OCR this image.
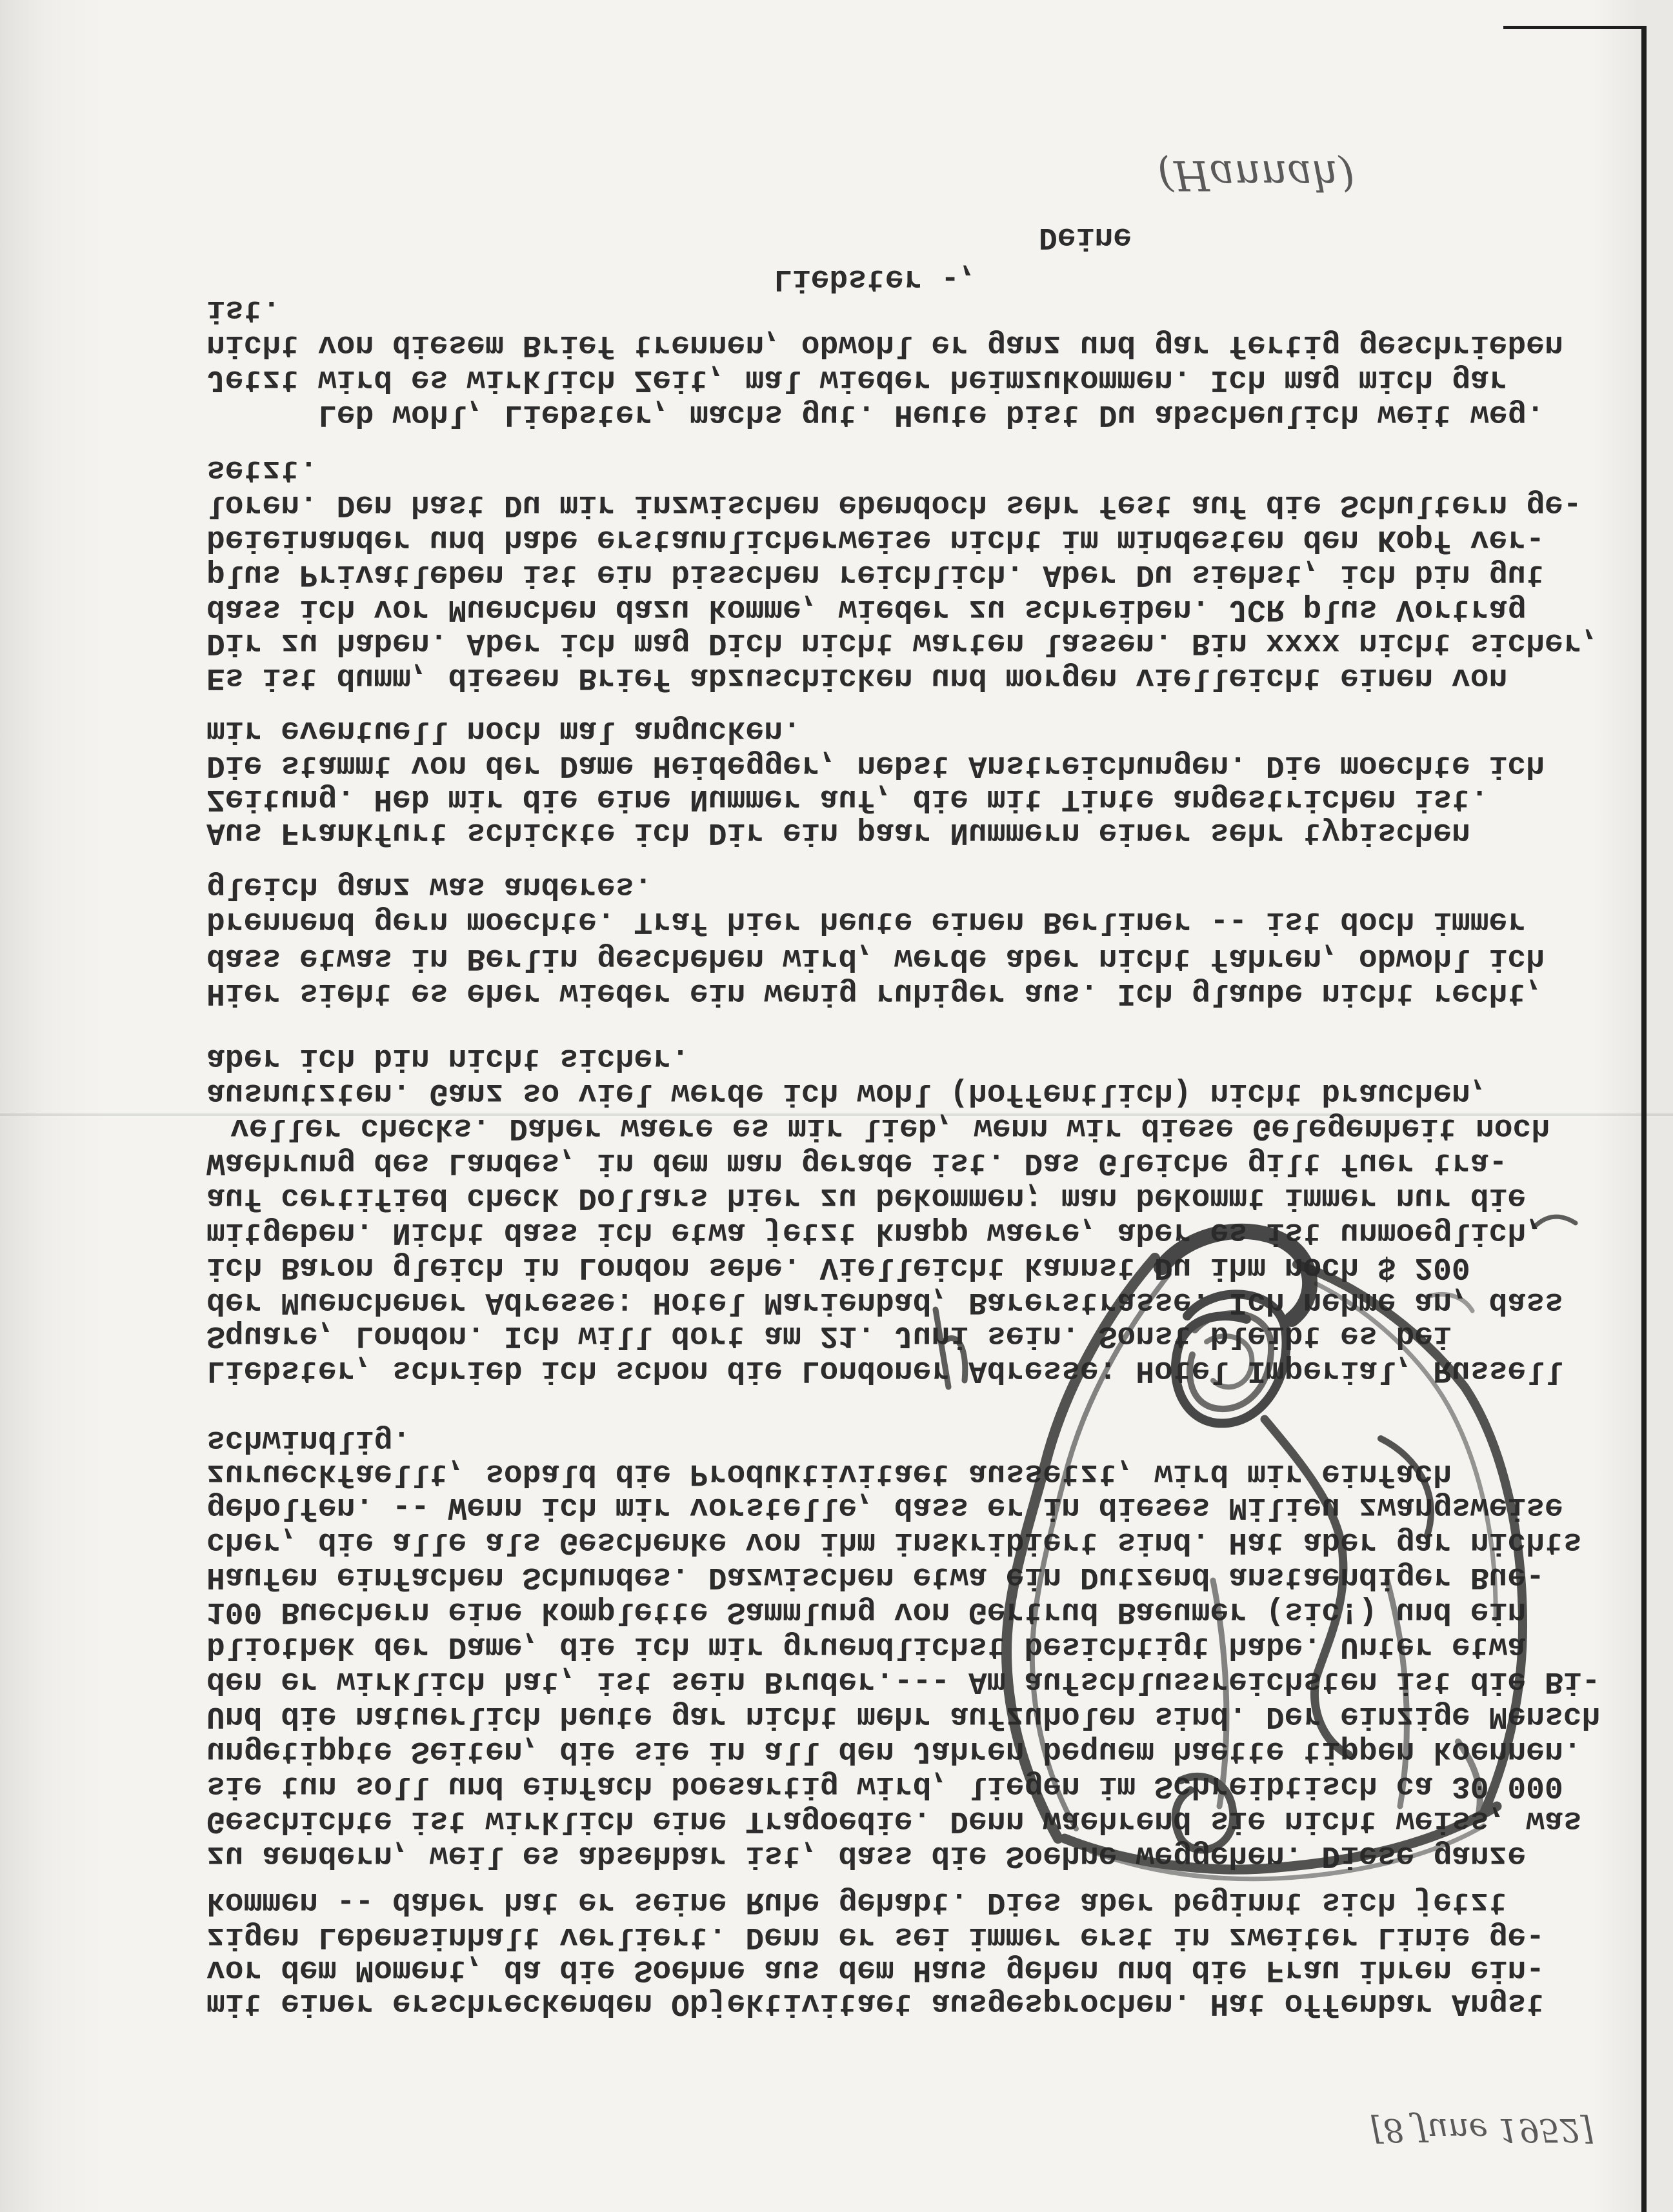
(Hannah)
[8 June 1952]
Deine
Liebster -,
ist.
nicht von diesem Brief trennen, obwohl er ganz und gar fertig geschrieben
Jetzt wird es wirklich Zeit, mal wieder heimzukommen. Ich mag mich gar
Leb wohl, Liebster, machs gut. Heute bist Du abscheulich weit weg.
setzt.
loren. Den hast Du mir inzwischen ebendoch sehr fest auf die Schultern ge-
beieinander und habe erstaunlicherweise nicht im mindesten den Kopf ver-
plus Privatleben ist ein bisschen reichlich. Aber Du siehst, ich bin gut
dass ich vor Muenchen dazu komme, wieder zu schreiben. JCR plus Vortrag
Dir zu haben. Aber ich mag Dich nicht warten lassen. Bin xxxx nicht sicher,
Es ist dumm, diesen Brief abzuschicken und morgen vielleicht einen von
mir eventuell noch mal angucken.
Die stammt von der Dame Heidegger, nebst Anstreichungen. Die moechte ich
Zeitung. Heb mir die eine Nummer auf, die mit Tinte angestrichen ist.
Aus Frankfurt schickte ich Dir ein paar Nummern einer sehr typischen
gleich ganz was anderes.
brennend gern moechte. Traf hier heute einen Berliner -- ist doch immer
dass etwas in Berlin geschehen wird, werde aber nicht fahren, obwohl ich
Hier sieht es eher wieder ein wenig ruhiger aus. Ich glaube nicht recht,
aber ich bin nicht sicher.
ausnutzten. Ganz so viel werde ich wohl (hoffentlich) nicht brauchen,
veller checks. Daher waere es mir lieb, wenn wir diese Gelegenheit noch
Waehrung des Landes, in dem man gerade ist. Das Gleiche gilt fuer tra-
auf certified check Dollars hier zu bekommen; man bekommt immer nur die
mitgeben. Nicht dass ich etwa jetzt knapp waere, aber es ist unmoeglich,
ich Baron gleich in London sehe. Vielleicht kannst Du ihm noch $ 200
der Muenchener Adresse: Hotel Marienbad, Barerstrasse. Ich nehme an, dass
Square, London. Ich will dort am 21. Juni sein. Sonst bleibt es bei
Liebster, schrieb ich schon die Londoner Adresse: Hotel Imperial, Russell
schwindlig.
zurueckfaellt, sobald die Produktivitaet aussetzt, wird mir einfach
geholfen. -- Wenn ich mir vorstelle, dass er in dieses Milieu zwangsweise
cher, die alle als Geschenke von ihm inskribiert sind. Hat aber gar nichts
Haufen einfachen Schundes. Dazwischen etwa ein Dutzend anstaendiger Bue-
100 Buechern eine komplette Sammlung von Gertrud Baeumer (sic!) und ein
bliothek der Dame, die ich mir gruendlichst besichtigt habe. Unter etwa
den er wirklich hat, ist sein Bruder.--- Am aufschlussreichsten ist die Bi-
Und die natuerlich heute gar nicht mehr aufzuholen sind. Der einzige Mensch
ungetippte Seiten, die sie in all den Jahren bequem haette tippen koennen.
sie tun soll und einfach boesartig wird, liegen im Schreibtisch ca 30 000
Geschichte ist wirklich eine Tragoedie. Denn waehrend sie nicht weiss, was
zu aendern, weil es absehbar ist, dass die Soehne weggehen. Diese ganze
kommen -- daher hat er seine Ruhe gehabt. Dies aber beginnt sich jetzt
zigen Lebensinhalt verliert. Denn er sei immer erst in zweiter Linie ge-
vor dem Moment, da die Soehne aus dem Haus gehen und die Frau ihren ein-
mit einer erschreckenden Objektivitaet ausgesprochen. Hat offenbar Angst
